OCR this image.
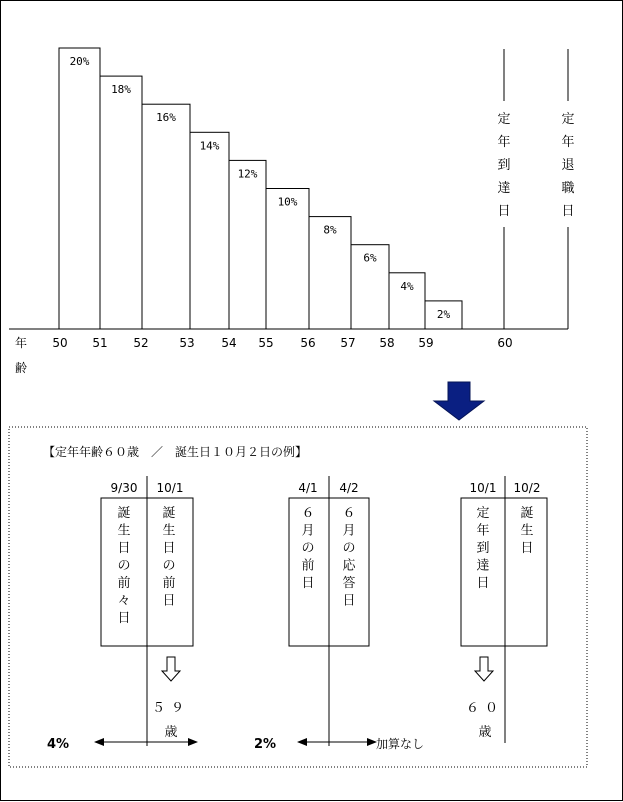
20%
18%
16%
14%
12%
10%
8%
6%
4%
2%
50 51 52	53 54 55 56 57 58 59	60
年
齢
定
年
到
達
日
定
年
退
職
日
【定年年齢６０歳　／　誕生日１０月２日の例】
9/30 10/1
誕
生
日
の
前
々
日
誕
生
日
の
前
日
５９
歳
4/1 4/2
６
月
の
前
日
６
月
の
応
答
日
10/1 10/2
定
年
到
達
日
誕
生
日
６０
歳
4%	2%	加算なし
